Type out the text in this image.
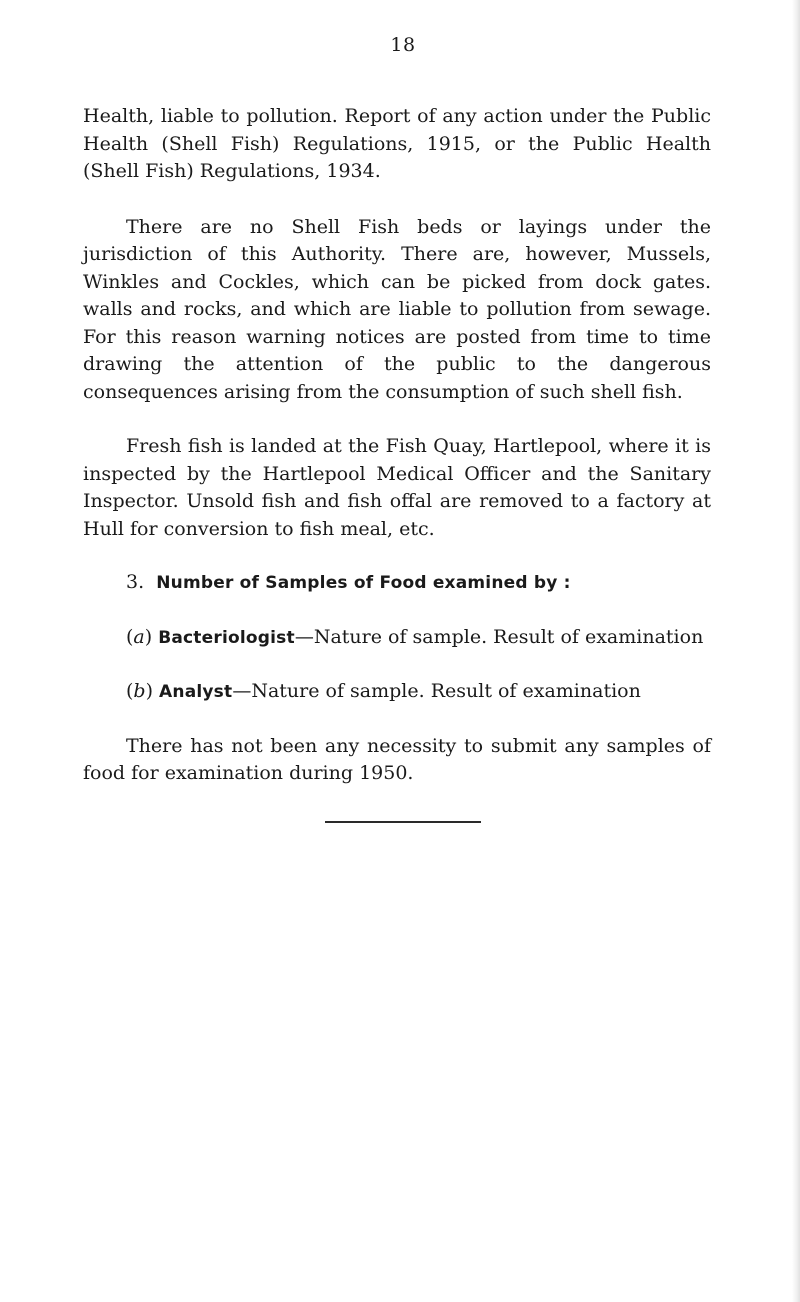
18

Health, liable to pollution. Report of any action under the Public Health (Shell Fish) Regulations, 1915, or the Public Health (Shell Fish) Regulations, 1934.

There are no Shell Fish beds or layings under the jurisdiction of this Authority. There are, however, Mussels, Winkles and Cockles, which can be picked from dock gates. walls and rocks, and which are liable to pollution from sewage. For this reason warning notices are posted from time to time drawing the attention of the public to the dangerous consequences arising from the consumption of such shell fish.

Fresh fish is landed at the Fish Quay, Hartlepool, where it is inspected by the Hartlepool Medical Officer and the Sanitary Inspector. Unsold fish and fish offal are removed to a factory at Hull for conversion to fish meal, etc.

3. Number of Samples of Food examined by :

(a) Bacteriologist—Nature of sample. Result of examination

(b) Analyst—Nature of sample. Result of examination

There has not been any necessity to submit any samples of food for examination during 1950.
